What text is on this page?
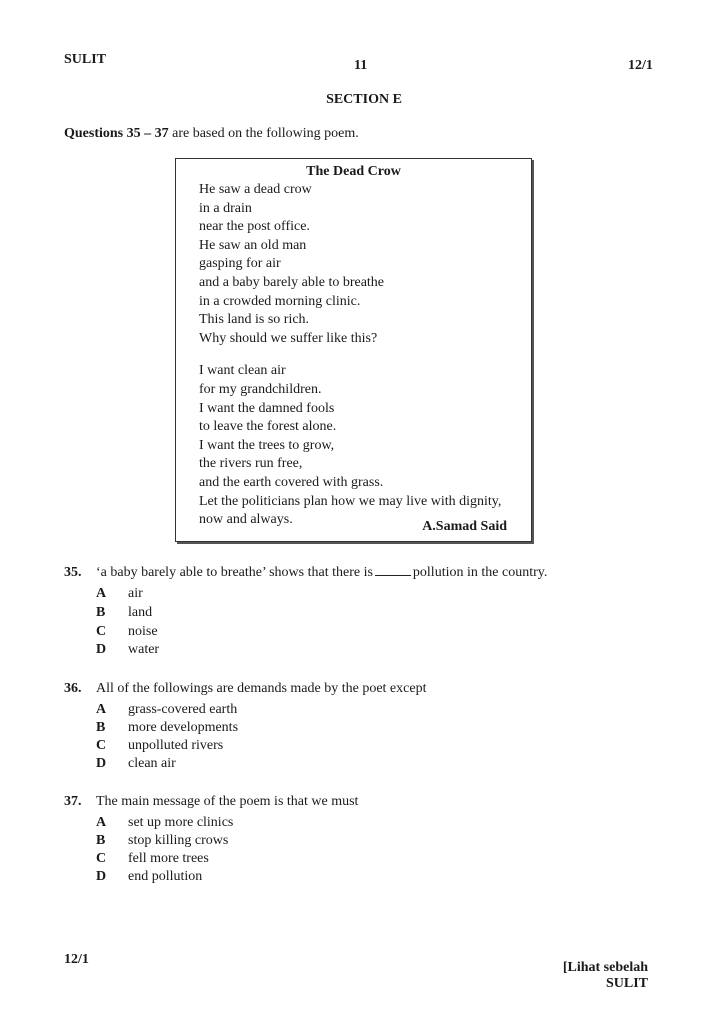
SULIT	11	12/1
SECTION E
Questions 35 – 37 are based on the following poem.
The Dead Crow
He saw a dead crow
in a drain
near the post office.
He saw an old man
gasping for air
and a baby barely able to breathe
in a crowded morning clinic.
This land is so rich.
Why should we suffer like this?
I want clean air
for my grandchildren.
I want the damned fools
to leave the forest alone.
I want the trees to grow,
the rivers run free,
and the earth covered with grass.
Let the politicians plan how we may live with dignity,
now and always.	A.Samad Said
35. ‘a baby barely able to breathe’ shows that there is	pollution in the country.
A air
B land
C noise
D water
36. All of the followings are demands made by the poet except
A grass-covered earth
B more developments
C unpolluted rivers
D clean air
37. The main message of the poem is that we must
A set up more clinics
B stop killing crows
C fell more trees
D end pollution
12/1
[Lihat sebelah
SULIT
